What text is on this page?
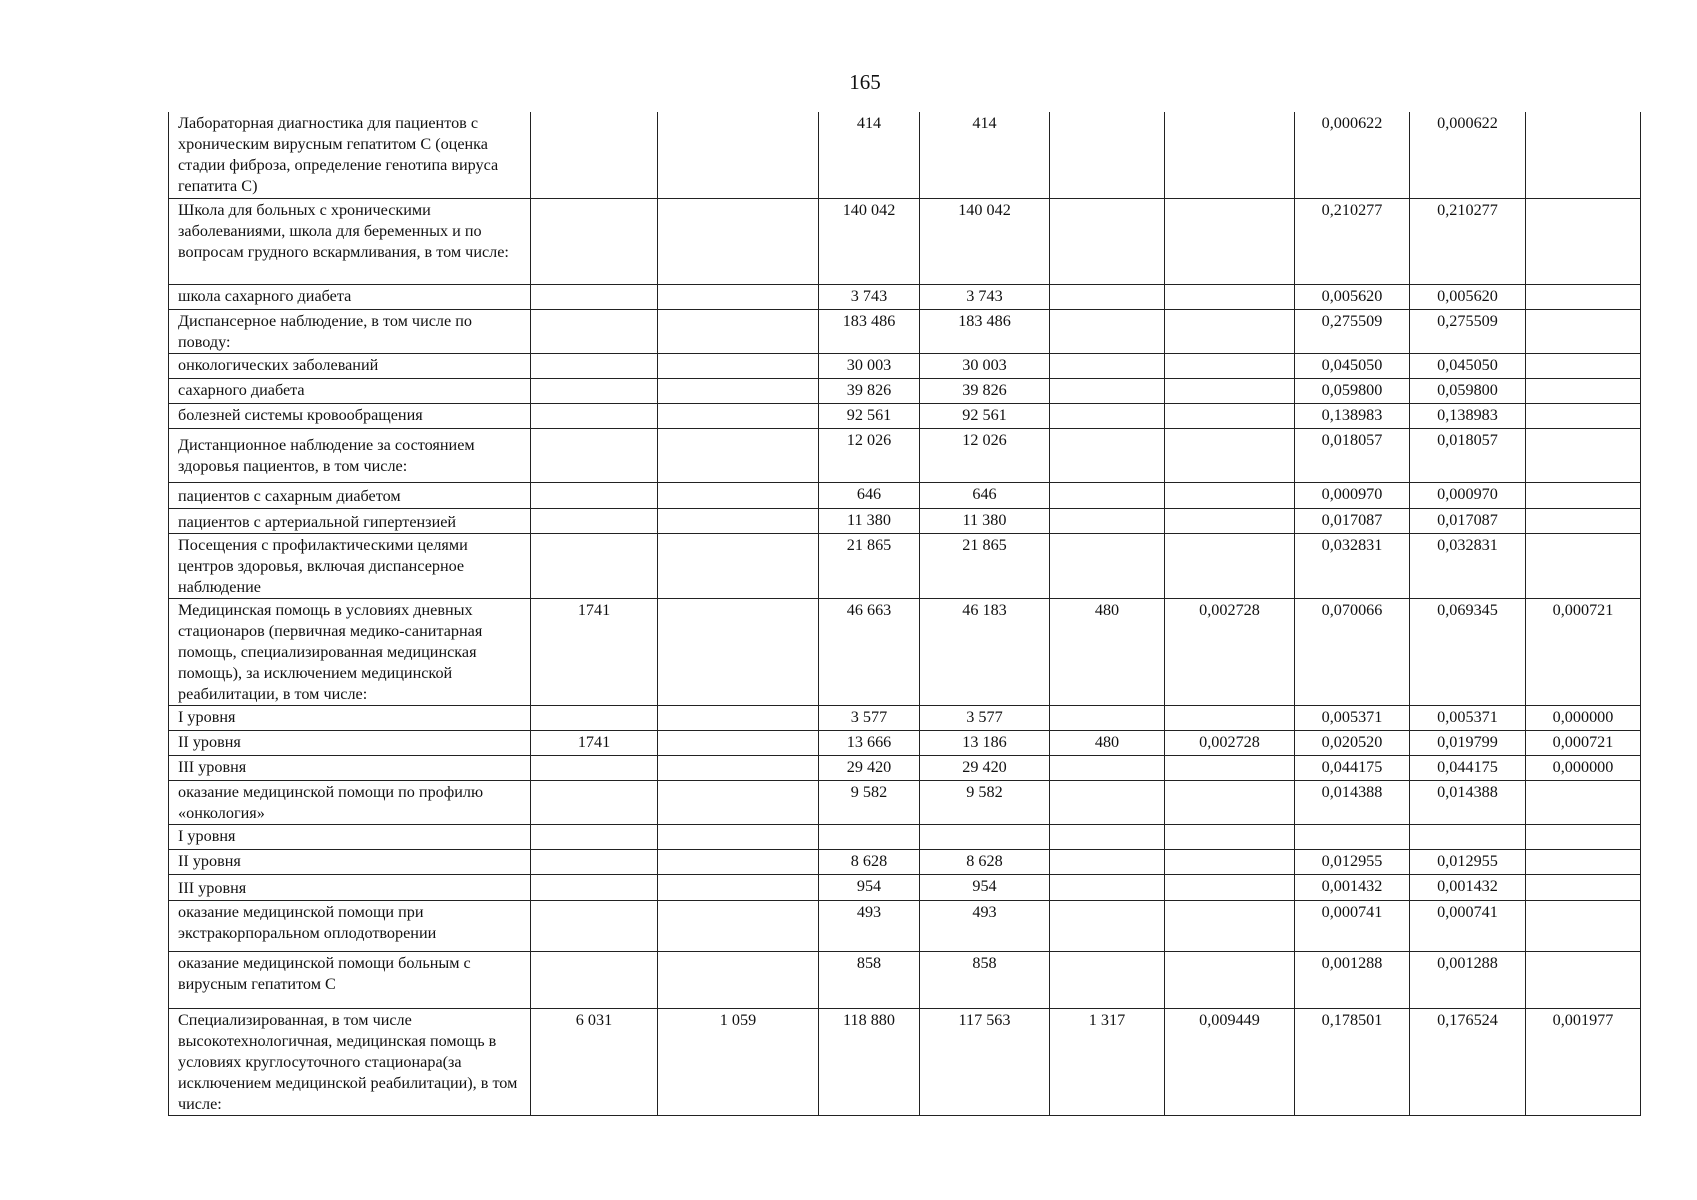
165
Лабораторная диагностика для пациентов с хроническим вирусным гепатитом С (оценка стадии фиброза, определение генотипа вируса гепатита С)			414	414			0,000622	0,000622	
Школа для больных с хроническими заболеваниями, школа для беременных и по вопросам грудного вскармливания, в том числе:			140 042	140 042			0,210277	0,210277	
школа сахарного диабета			3 743	3 743			0,005620	0,005620	
Диспансерное наблюдение, в том числе по поводу:			183 486	183 486			0,275509	0,275509	
онкологических заболеваний			30 003	30 003			0,045050	0,045050	
сахарного диабета			39 826	39 826			0,059800	0,059800	
болезней системы кровообращения			92 561	92 561			0,138983	0,138983	
Дистанционное наблюдение за состоянием здоровья пациентов, в том числе:			12 026	12 026			0,018057	0,018057	
пациентов с сахарным диабетом			646	646			0,000970	0,000970	
пациентов с артериальной гипертензией			11 380	11 380			0,017087	0,017087	
Посещения с профилактическими целями центров здоровья, включая диспансерное наблюдение			21 865	21 865			0,032831	0,032831	
Медицинская помощь в условиях дневных стационаров (первичная медико-санитарная помощь, специализированная медицинская помощь), за исключением медицинской реабилитации, в том числе:	1741		46 663	46 183	480	0,002728	0,070066	0,069345	0,000721
I уровня			3 577	3 577			0,005371	0,005371	0,000000
II уровня	1741		13 666	13 186	480	0,002728	0,020520	0,019799	0,000721
III уровня			29 420	29 420			0,044175	0,044175	0,000000
оказание медицинской помощи по профилю «онкология»			9 582	9 582			0,014388	0,014388	
I уровня									
II уровня			8 628	8 628			0,012955	0,012955	
III уровня			954	954			0,001432	0,001432	
оказание медицинской помощи при экстракорпоральном оплодотворении			493	493			0,000741	0,000741	
оказание медицинской помощи больным с вирусным гепатитом С			858	858			0,001288	0,001288	
Специализированная, в том числе высокотехнологичная, медицинская помощь в условиях круглосуточного стационара(за исключением медицинской реабилитации), в том числе:	6 031	1 059	118 880	117 563	1 317	0,009449	0,178501	0,176524	0,001977
